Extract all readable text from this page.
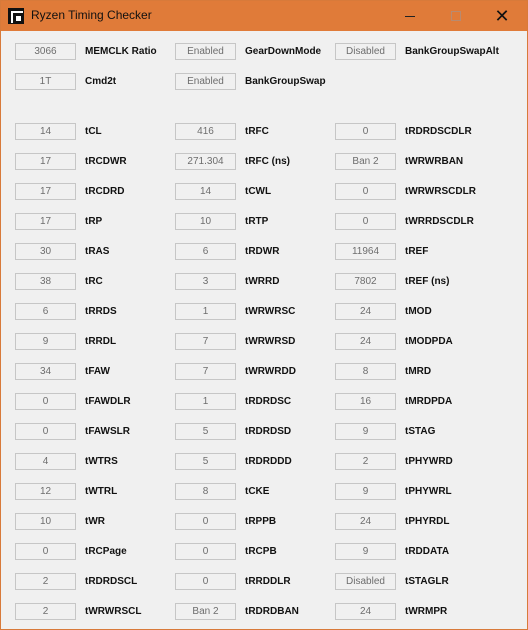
Ryzen Timing Checker	✕
3066	MEMCLK Ratio	Enabled	GearDownMode	Disabled	BankGroupSwapAlt
1T	Cmd2t	Enabled	BankGroupSwap
14	tCL	416	tRFC	0	tRDRDSCDLR
17	tRCDWR	271.304	tRFC (ns)	Ban 2	tWRWRBAN
17	tRCDRD	14	tCWL	0	tWRWRSCDLR
17	tRP	10	tRTP	0	tWRRDSCDLR
30	tRAS	6	tRDWR	11964	tREF
38	tRC	3	tWRRD	7802	tREF (ns)
6	tRRDS	1	tWRWRSC	24	tMOD
9	tRRDL	7	tWRWRSD	24	tMODPDA
34	tFAW	7	tWRWRDD	8	tMRD
0	tFAWDLR	1	tRDRDSC	16	tMRDPDA
0	tFAWSLR	5	tRDRDSD	9	tSTAG
4	tWTRS	5	tRDRDDD	2	tPHYWRD
12	tWTRL	8	tCKE	9	tPHYWRL
10	tWR	0	tRPPB	24	tPHYRDL
0	tRCPage	0	tRCPB	9	tRDDATA
2	tRDRDSCL	0	tRRDDLR	Disabled	tSTAGLR
2	tWRWRSCL	Ban 2	tRDRDBAN	24	tWRMPR
